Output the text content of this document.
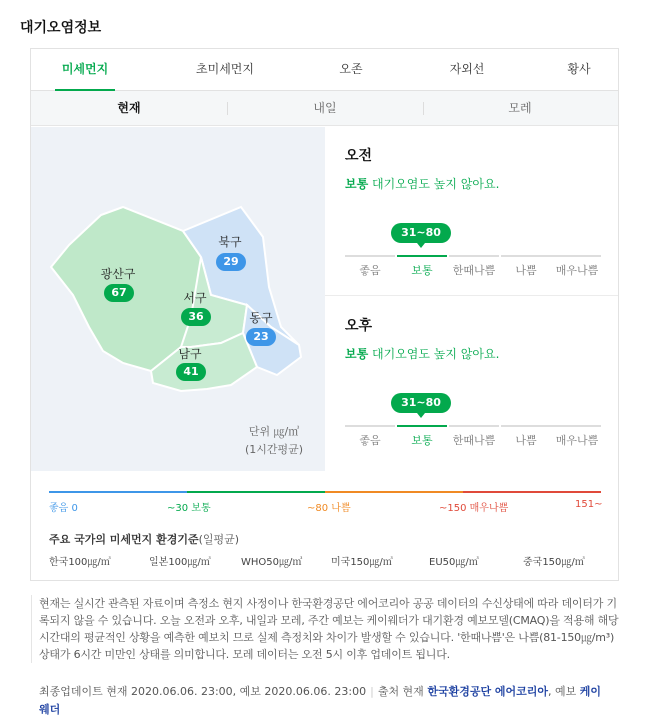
대기오염정보
미세먼지	초미세먼지	오존	자외선	황사
현재	내일	모레
광산구
67
북구
29
서구
36	동구
23
남구
41
단위 ㎍/㎥
(1시간평균)
오전
보통 대기오염도 높지 않아요.
31~80
좋음	보통	한때나쁨	나쁨	매우나쁨
오후
보통 대기오염도 높지 않아요.
31~80
좋음	보통	한때나쁨	나쁨	매우나쁨
좋음 0	~30 보통	~80 나쁨	~150 매우나쁨	151~
주요 국가의 미세먼지 환경기준(일평균)
한국100㎍/㎥	일본100㎍/㎥	WHO50㎍/㎥	미국150㎍/㎥	EU50㎍/㎥	중국150㎍/㎥
현재는 실시간 관측된 자료이며 측정소 현지 사정이나 한국환경공단 에어코리아 공공 데이터의 수신상태에 따라 데이터가 기록되지 않을 수 있습니다. 오늘 오전과 오후, 내일과 모레, 주간 예보는 케이웨더가 대기환경 예보모델(CMAQ)을 적용해 해당 시간대의 평균적인 상황을 예측한 예보치 므로 실제 측정치와 차이가 발생할 수 있습니다. '한때나쁨'은 나쁨(81-150㎍/m³)상태가 6시간 미만인 상태를 의미합니다. 모레 데이터는 오전 5시 이후 업데이트 됩니다.
최종업데이트 현재 2020.06.06. 23:00, 예보 2020.06.06. 23:00 | 출처 현재 한국환경공단 에어코리아, 예보 케이웨더
